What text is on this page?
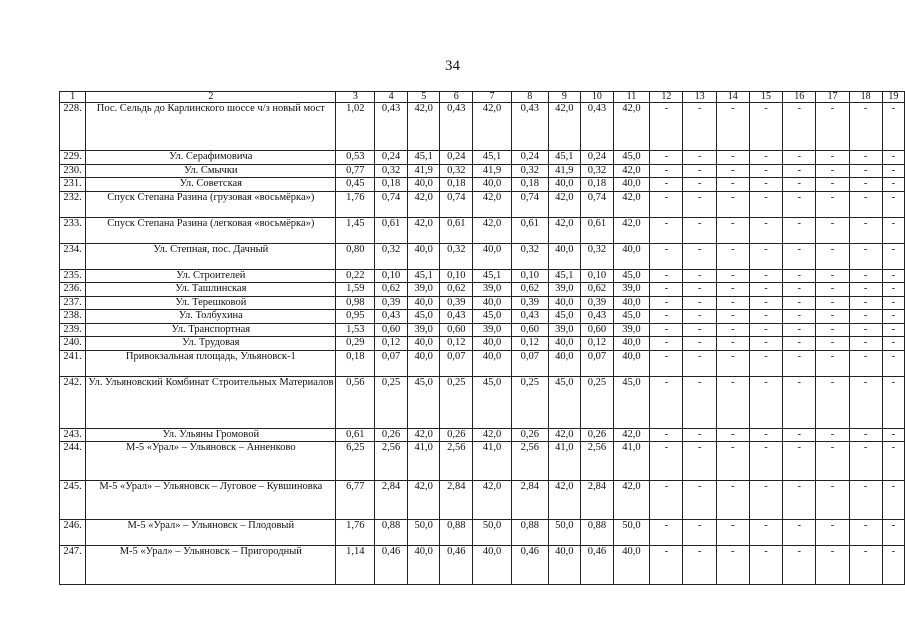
34
1	2	3	4	5	6	7	8	9	10	11	12	13	14	15	16	17	18	19
228.	Пос. Сельдь до Карлинского шоссе ч/з новый мост	1,02	0,43	42,0	0,43	42,0	0,43	42,0	0,43	42,0	-	-	-	-	-	-	-	-
229.	Ул. Серафимовича	0,53	0,24	45,1	0,24	45,1	0,24	45,1	0,24	45,0	-	-	-	-	-	-	-	-
230.	Ул. Смычки	0,77	0,32	41,9	0,32	41,9	0,32	41,9	0,32	42,0	-	-	-	-	-	-	-	-
231.	Ул. Советская	0,45	0,18	40,0	0,18	40,0	0,18	40,0	0,18	40,0	-	-	-	-	-	-	-	-
232.	Спуск Степана Разина (грузовая «восьмёрка»)	1,76	0,74	42,0	0,74	42,0	0,74	42,0	0,74	42,0	-	-	-	-	-	-	-	-
233.	Спуск Степана Разина (легковая «восьмёрка»)	1,45	0,61	42,0	0,61	42,0	0,61	42,0	0,61	42,0	-	-	-	-	-	-	-	-
234.	Ул. Степная, пос. Дачный	0,80	0,32	40,0	0,32	40,0	0,32	40,0	0,32	40,0	-	-	-	-	-	-	-	-
235.	Ул. Строителей	0,22	0,10	45,1	0,10	45,1	0,10	45,1	0,10	45,0	-	-	-	-	-	-	-	-
236.	Ул. Ташлинская	1,59	0,62	39,0	0,62	39,0	0,62	39,0	0,62	39,0	-	-	-	-	-	-	-	-
237.	Ул. Терешковой	0,98	0,39	40,0	0,39	40,0	0,39	40,0	0,39	40,0	-	-	-	-	-	-	-	-
238.	Ул. Толбухина	0,95	0,43	45,0	0,43	45,0	0,43	45,0	0,43	45,0	-	-	-	-	-	-	-	-
239.	Ул. Транспортная	1,53	0,60	39,0	0,60	39,0	0,60	39,0	0,60	39,0	-	-	-	-	-	-	-	-
240.	Ул. Трудовая	0,29	0,12	40,0	0,12	40,0	0,12	40,0	0,12	40,0	-	-	-	-	-	-	-	-
241.	Привокзальная площадь, Ульяновск-1	0,18	0,07	40,0	0,07	40,0	0,07	40,0	0,07	40,0	-	-	-	-	-	-	-	-
242.	Ул. Ульяновский Комбинат Строительных Материалов	0,56	0,25	45,0	0,25	45,0	0,25	45,0	0,25	45,0	-	-	-	-	-	-	-	-
243.	Ул. Ульяны Громовой	0,61	0,26	42,0	0,26	42,0	0,26	42,0	0,26	42,0	-	-	-	-	-	-	-	-
244.	М-5 «Урал» – Ульяновск – Анненково	6,25	2,56	41,0	2,56	41,0	2,56	41,0	2,56	41,0	-	-	-	-	-	-	-	-
245.	М-5 «Урал» – Ульяновск – Луговое – Кувшиновка	6,77	2,84	42,0	2,84	42,0	2,84	42,0	2,84	42,0	-	-	-	-	-	-	-	-
246.	М-5 «Урал» – Ульяновск – Плодовый	1,76	0,88	50,0	0,88	50,0	0,88	50,0	0,88	50,0	-	-	-	-	-	-	-	-
247.	М-5 «Урал» – Ульяновск – Пригородный	1,14	0,46	40,0	0,46	40,0	0,46	40,0	0,46	40,0	-	-	-	-	-	-	-	-
